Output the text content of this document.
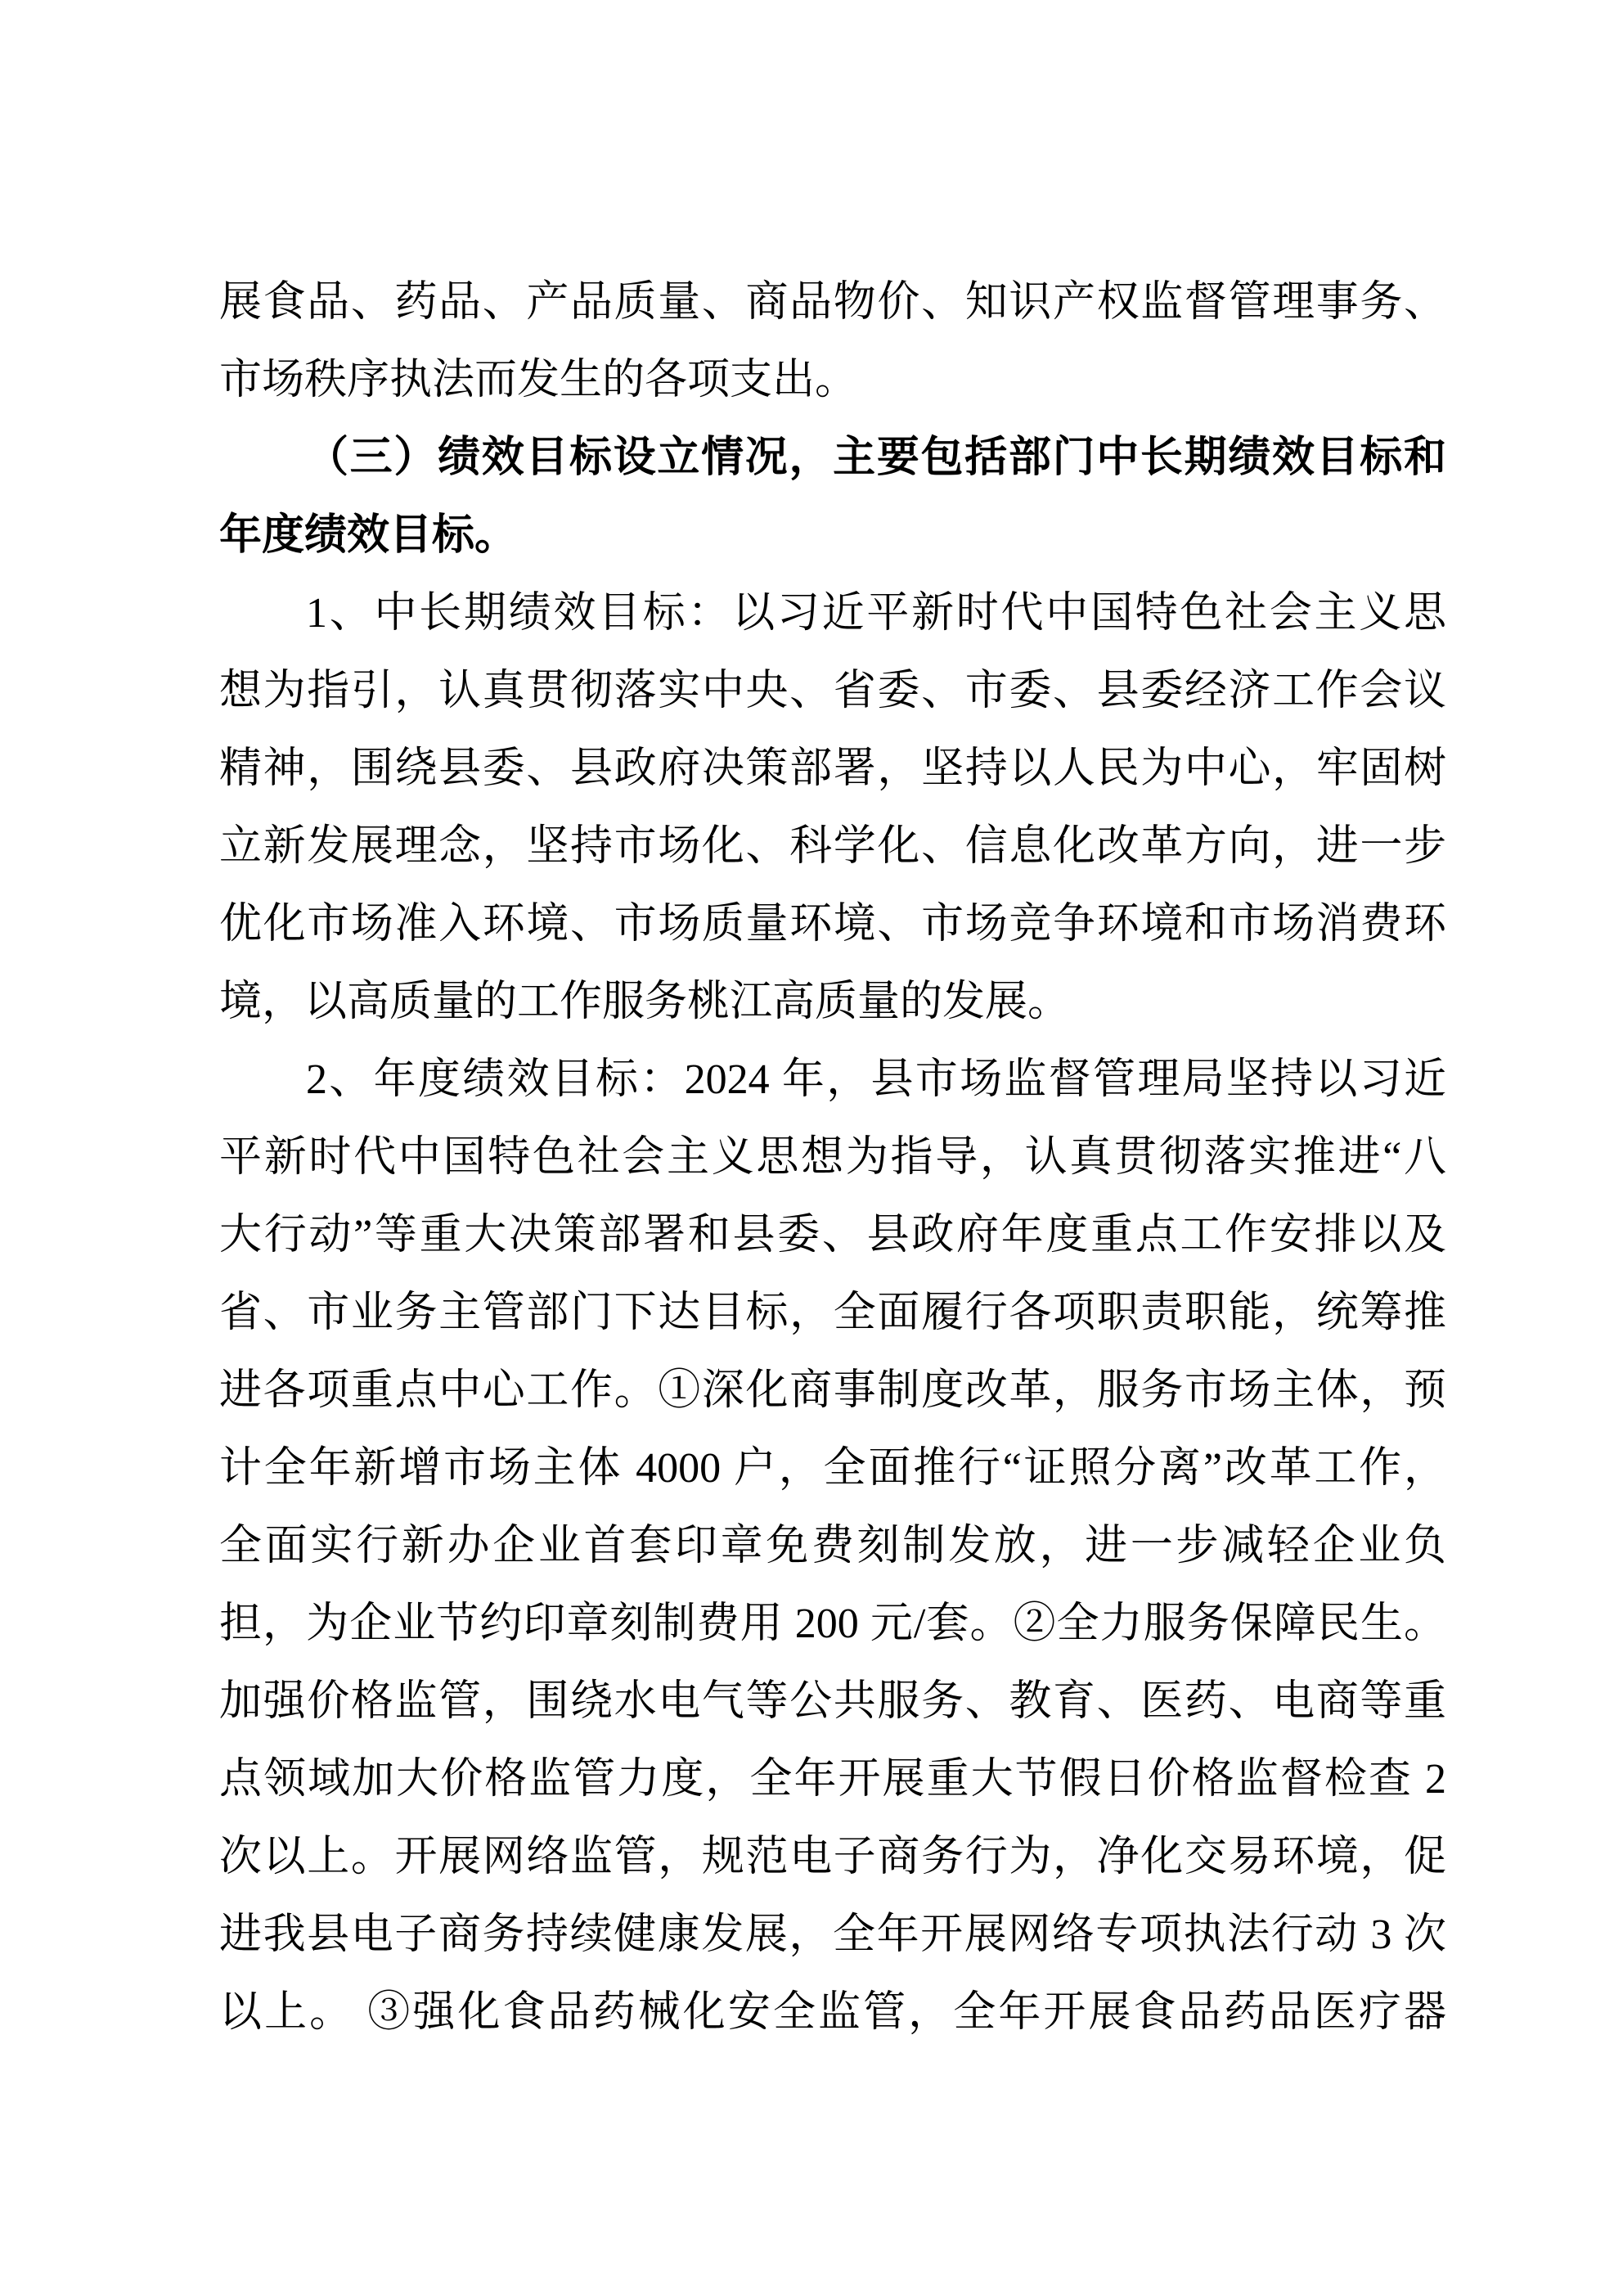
展食品、药品、产品质量、商品物价、知识产权监督管理事务、
市场秩序执法而发生的各项支出。
（三）绩效目标设立情况，主要包括部门中长期绩效目标和
年度绩效目标。
1、中长期绩效目标：以习近平新时代中国特色社会主义思
想为指引，认真贯彻落实中央、省委、市委、县委经济工作会议
精神，围绕县委、县政府决策部署，坚持以人民为中心，牢固树
立新发展理念，坚持市场化、科学化、信息化改革方向，进一步
优化市场准入环境、市场质量环境、市场竞争环境和市场消费环
境，以高质量的工作服务桃江高质量的发展。
2、年度绩效目标：2024 年，县市场监督管理局坚持以习近
平新时代中国特色社会主义思想为指导，认真贯彻落实推进“八
大行动”等重大决策部署和县委、县政府年度重点工作安排以及
省、市业务主管部门下达目标，全面履行各项职责职能，统筹推
进各项重点中心工作。①深化商事制度改革，服务市场主体，预
计全年新增市场主体 4000 户，全面推行“证照分离”改革工作，
全面实行新办企业首套印章免费刻制发放，进一步减轻企业负
担，为企业节约印章刻制费用 200 元/套。②全力服务保障民生。
加强价格监管，围绕水电气等公共服务、教育、医药、电商等重
点领域加大价格监管力度，全年开展重大节假日价格监督检查 2
次以上。开展网络监管，规范电子商务行为，净化交易环境，促
进我县电子商务持续健康发展，全年开展网络专项执法行动 3 次
以上。 ③强化食品药械化安全监管，全年开展食品药品医疗器
